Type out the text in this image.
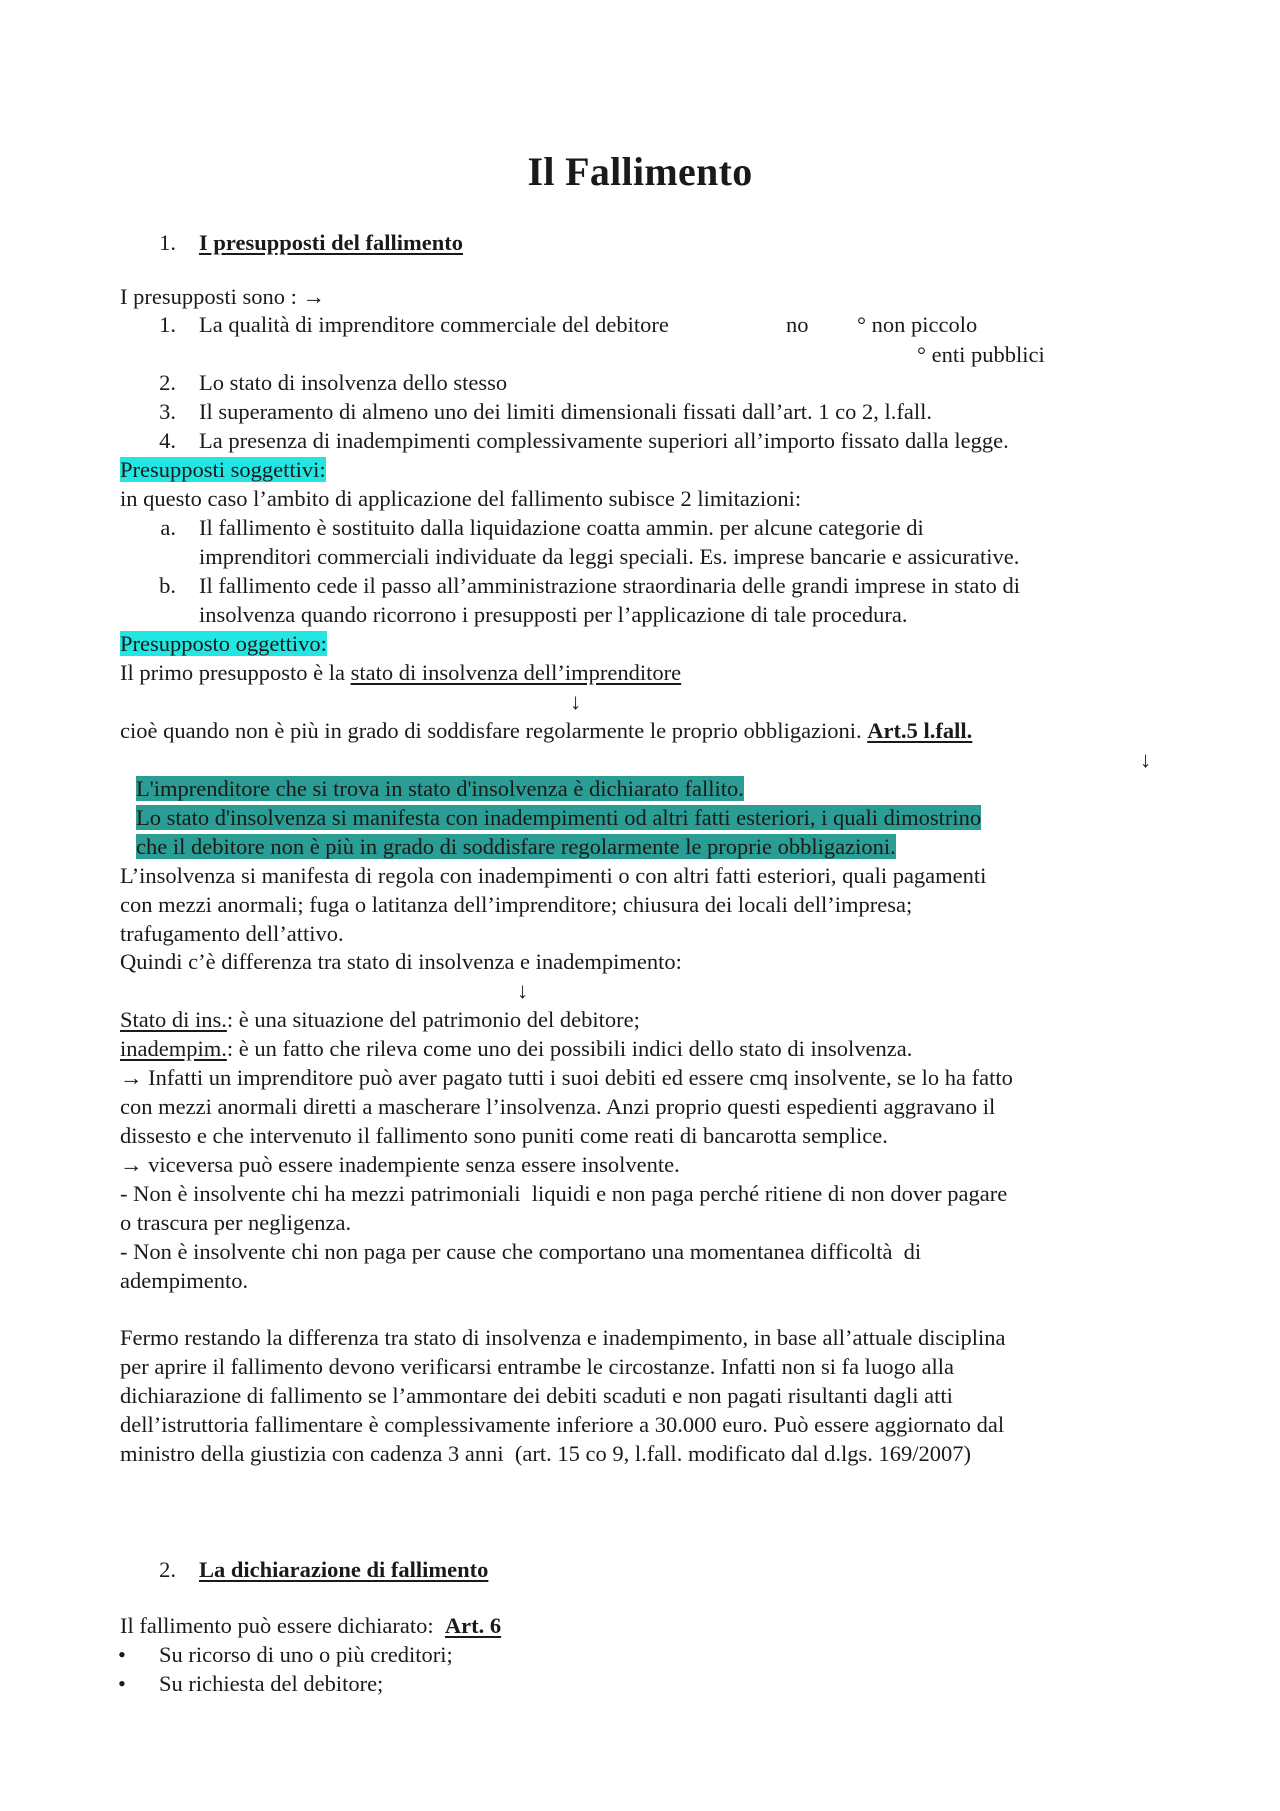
Il Fallimento
1. I presupposti del fallimento
I presupposti sono : →
1. La qualità di imprenditore commerciale del debitore	no ° non piccolo
° enti pubblici
2. Lo stato di insolvenza dello stesso
3. Il superamento di almeno uno dei limiti dimensionali fissati dall’art. 1 co 2, l.fall.
4. La presenza di inadempimenti complessivamente superiori all’importo fissato dalla legge.
Presupposti soggettivi:
in questo caso l’ambito di applicazione del fallimento subisce 2 limitazioni:
a. Il fallimento è sostituito dalla liquidazione coatta ammin. per alcune categorie di
imprenditori commerciali individuate da leggi speciali. Es. imprese bancarie e assicurative.
b. Il fallimento cede il passo all’amministrazione straordinaria delle grandi imprese in stato di
insolvenza quando ricorrono i presupposti per l’applicazione di tale procedura.
Presupposto oggettivo:
Il primo presupposto è la stato di insolvenza dell’imprenditore
↓
cioè quando non è più in grado di soddisfare regolarmente le proprio obbligazioni. Art.5 l.fall.
↓
L'imprenditore che si trova in stato d'insolvenza è dichiarato fallito.
Lo stato d'insolvenza si manifesta con inadempimenti od altri fatti esteriori, i quali dimostrino
che il debitore non è più in grado di soddisfare regolarmente le proprie obbligazioni.
L’insolvenza si manifesta di regola con inadempimenti o con altri fatti esteriori, quali pagamenti
con mezzi anormali; fuga o latitanza dell’imprenditore; chiusura dei locali dell’impresa;
trafugamento dell’attivo.
Quindi c’è differenza tra stato di insolvenza e inadempimento:
↓
Stato di ins.: è una situazione del patrimonio del debitore;
inadempim.: è un fatto che rileva come uno dei possibili indici dello stato di insolvenza.
→ Infatti un imprenditore può aver pagato tutti i suoi debiti ed essere cmq insolvente, se lo ha fatto
con mezzi anormali diretti a mascherare l’insolvenza. Anzi proprio questi espedienti aggravano il
dissesto e che intervenuto il fallimento sono puniti come reati di bancarotta semplice.
→ viceversa può essere inadempiente senza essere insolvente.
- Non è insolvente chi ha mezzi patrimoniali  liquidi e non paga perché ritiene di non dover pagare
o trascura per negligenza.
- Non è insolvente chi non paga per cause che comportano una momentanea difficoltà  di
adempimento.
Fermo restando la differenza tra stato di insolvenza e inadempimento, in base all’attuale disciplina
per aprire il fallimento devono verificarsi entrambe le circostanze. Infatti non si fa luogo alla
dichiarazione di fallimento se l’ammontare dei debiti scaduti e non pagati risultanti dagli atti
dell’istruttoria fallimentare è complessivamente inferiore a 30.000 euro. Può essere aggiornato dal
ministro della giustizia con cadenza 3 anni  (art. 15 co 9, l.fall. modificato dal d.lgs. 169/2007)
2. La dichiarazione di fallimento
Il fallimento può essere dichiarato:  Art. 6
• Su ricorso di uno o più creditori;
• Su richiesta del debitore;
